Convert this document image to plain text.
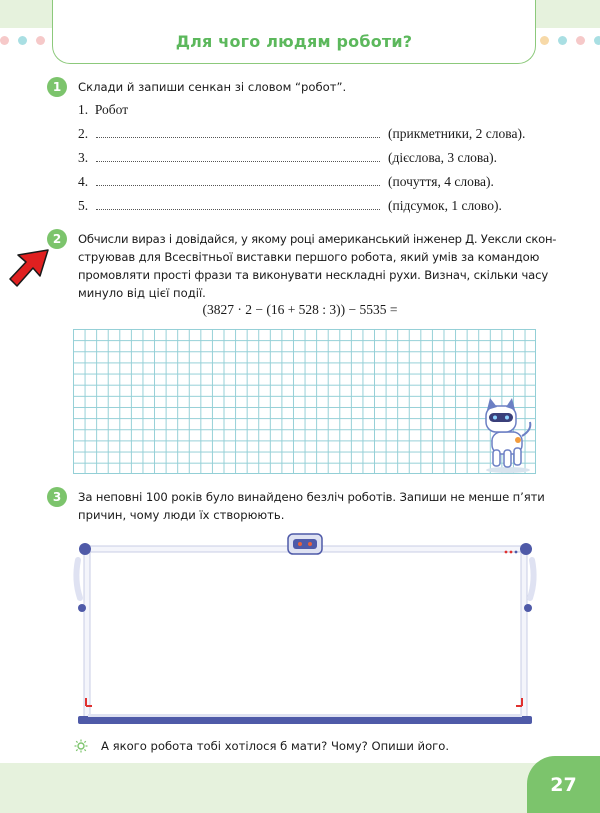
Для чого людям роботи?
1	Склади й запиши сенкан зі словом “робот”.
1.  Робот
2.	(прикметники, 2 слова).
3.	(дієслова, 3 слова).
4.	(почуття, 4 слова).
5.	(підсумок, 1 слово).
2	Обчисли вираз і довідайся, у якому році американський інженер Д. Уексли скон-
струював для Всесвітньої виставки першого робота, який умів за командою
промовляти прості фрази та виконувати нескладні рухи. Визнач, скільки часу
минуло від цієї події.
(3827 · 2 − (16 + 528 : 3)) − 5535 =
3	За неповні 100 років було винайдено безліч роботів. Запиши не менше п’яти
причин, чому люди їх створюють.
А якого робота тобі хотілося б мати? Чому? Опиши його.
27
